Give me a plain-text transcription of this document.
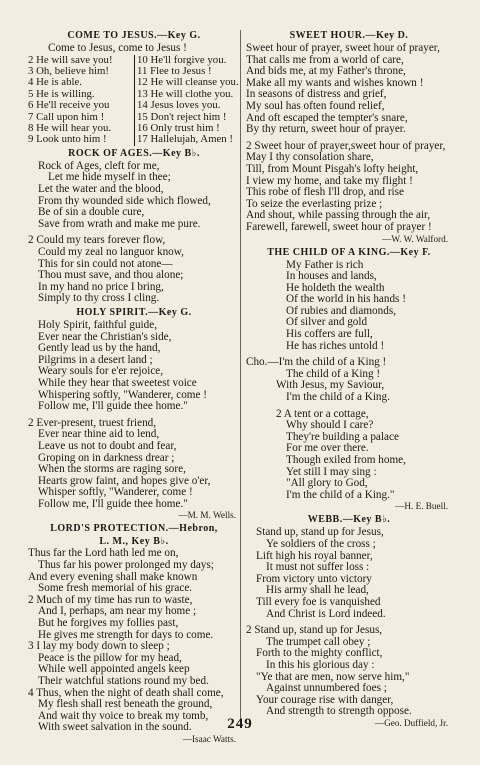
COME TO JESUS.—Key G.
Come to Jesus, come to Jesus !
2 He will save you!	10 He'll forgive you.
3 Oh, believe him!	11 Flee to Jesus !
4 He is able.	12 He will cleanse you.
5 He is willing.	13 He will clothe you.
6 He'll receive you	14 Jesus loves you.
7 Call upon him !	15 Don't reject him !
8 He will hear you.	16 Only trust him !
9 Look unto him !	17 Hallelujah, Amen !
ROCK OF AGES.—Key B♭.
Rock of Ages, cleft for me,
Let me hide myself in thee;
Let the water and the blood,
From thy wounded side which flowed,
Be of sin a double cure,
Save from wrath and make me pure.
2 Could my tears forever flow,
Could my zeal no languor know,
This for sin could not atone—
Thou must save, and thou alone;
In my hand no price I bring,
Simply to thy cross I cling.
HOLY SPIRIT.—Key G.
Holy Spirit, faithful guide,
Ever near the Christian's side,
Gently lead us by the hand,
Pilgrims in a desert land ;
Weary souls for e'er rejoice,
While they hear that sweetest voice
Whispering softly, "Wanderer, come !
Follow me, I'll guide thee home."
2 Ever-present, truest friend,
Ever near thine aid to lend,
Leave us not to doubt and fear,
Groping on in darkness drear ;
When the storms are raging sore,
Hearts grow faint, and hopes give o'er,
Whisper softly, "Wanderer, come !
Follow me, I'll guide thee home."
—M. M. Wells.
LORD'S PROTECTION.—Hebron,
L. M., Key B♭.
Thus far the Lord hath led me on,
Thus far his power prolonged my days;
And every evening shall make known
Some fresh memorial of his grace.
2 Much of my time has run to waste,
And I, perhaps, am near my home ;
But he forgives my follies past,
He gives me strength for days to come.
3 I lay my body down to sleep ;
Peace is the pillow for my head,
While well appointed angels keep
Their watchful stations round my bed.
4 Thus, when the night of death shall come,
My flesh shall rest beneath the ground,
And wait thy voice to break my tomb,
With sweet salvation in the sound.
—Isaac Watts.
SWEET HOUR.—Key D.
Sweet hour of prayer, sweet hour of prayer,
That calls me from a world of care,
And bids me, at my Father's throne,
Make all my wants and wishes known !
In seasons of distress and grief,
My soul has often found relief,
And oft escaped the tempter's snare,
By thy return, sweet hour of prayer.
2 Sweet hour of prayer,sweet hour of prayer,
May I thy consolation share,
Till, from Mount Pisgah's lofty height,
I view my home, and take my flight !
This robe of flesh I'll drop, and rise
To seize the everlasting prize ;
And shout, while passing through the air,
Farewell, farewell, sweet hour of prayer !
—W. W. Walford.
THE CHILD OF A KING.—Key F.
My Father is rich
In houses and lands,
He holdeth the wealth
Of the world in his hands !
Of rubies and diamonds,
Of silver and gold
His coffers are full,
He has riches untold !
Cho.—I'm the child of a King !
The child of a King !
With Jesus, my Saviour,
I'm the child of a King.
2 A tent or a cottage,
Why should I care?
They're building a palace
For me over there.
Though exiled from home,
Yet still I may sing :
"All glory to God,
I'm the child of a King."
—H. E. Buell.
WEBB.—Key B♭.
Stand up, stand up for Jesus,
Ye soldiers of the cross ;
Lift high his royal banner,
It must not suffer loss :
From victory unto victory
His army shall he lead,
Till every foe is vanquished
And Christ is Lord indeed.
2 Stand up, stand up for Jesus,
The trumpet call obey ;
Forth to the mighty conflict,
In this his glorious day :
"Ye that are men, now serve him,"
Against unnumbered foes ;
Your courage rise with danger,
And strength to strength oppose.
—Geo. Duffield, Jr.
249
